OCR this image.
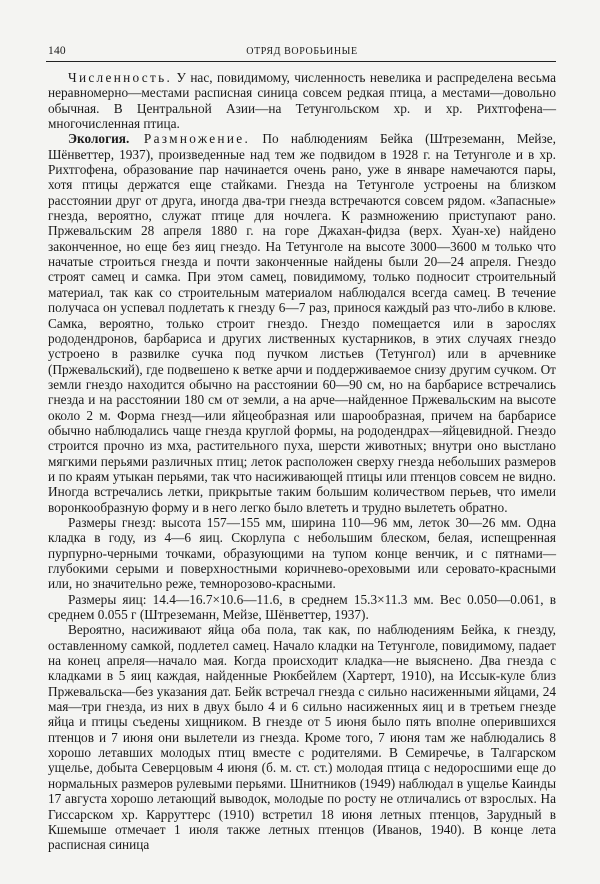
140	ОТРЯД ВОРОБЬИНЫЕ

Численность. У нас, повидимому, численность невелика и распределена весьма неравномерно—местами расписная синица совсем редкая птица, а местами—довольно обычная. В Центральной Азии—на Тетунгольском хр. и хр. Рихтгофена—многочисленная птица.

Экология. Размножение. По наблюдениям Бейка (Штреземанн, Мейзе, Шёнветтер, 1937), произведенные над тем же подвидом в 1928 г. на Тетунголе и в хр. Рихтгофена, образование пар начинается очень рано, уже в январе намечаются пары, хотя птицы держатся еще стайками. Гнезда на Тетунголе устроены на близком расстоянии друг от друга, иногда два-три гнезда встречаются совсем рядом. «Запасные» гнезда, вероятно, служат птице для ночлега. К размножению приступают рано. Пржевальским 28 апреля 1880 г. на горе Джахан-фидза (верх. Хуан-хе) найдено законченное, но еще без яиц гнездо. На Тетунголе на высоте 3000—3600 м только что начатые строиться гнезда и почти законченные найдены были 20—24 апреля. Гнездо строят самец и самка. При этом самец, повидимому, только подносит строительный материал, так как со строительным материалом наблюдался всегда самец. В течение получаса он успевал подлетать к гнезду 6—7 раз, принося каждый раз что-либо в клюве. Самка, вероятно, только строит гнездо. Гнездо помещается или в зарослях рододендронов, барбариса и других лиственных кустарников, в этих случаях гнездо устроено в развилке сучка под пучком листьев (Тетунгол) или в арчевнике (Пржевальский), где подвешено к ветке арчи и поддерживаемое снизу другим сучком. От земли гнездо находится обычно на расстоянии 60—90 см, но на барбарисе встречались гнезда и на расстоянии 180 см от земли, а на арче—найденное Пржевальским на высоте около 2 м. Форма гнезд—или яйцеобразная или шарообразная, причем на барбарисе обычно наблюдались чаще гнезда круглой формы, на рододендрах—яйцевидной. Гнездо строится прочно из мха, растительного пуха, шерсти животных; внутри оно выстлано мягкими перьями различных птиц; леток расположен сверху гнезда небольших размеров и по краям утыкан перьями, так что насиживающей птицы или птенцов совсем не видно. Иногда встречались летки, прикрытые таким большим количеством перьев, что имели воронкообразную форму и в него легко было влететь и трудно вылететь обратно.

Размеры гнезд: высота 157—155 мм, ширина 110—96 мм, леток 30—26 мм. Одна кладка в году, из 4—6 яиц. Скорлупа с небольшим блеском, белая, испещренная пурпурно-черными точками, образующими на тупом конце венчик, и с пятнами—глубокими серыми и поверхностными коричнево-ореховыми или серовато-красными или, но значительно реже, темнорозово-красными.

Размеры яиц: 14.4—16.7×10.6—11.6, в среднем 15.3×11.3 мм. Вес 0.050—0.061, в среднем 0.055 г (Штреземанн, Мейзе, Шёнветтер, 1937).

Вероятно, насиживают яйца оба пола, так как, по наблюдениям Бейка, к гнезду, оставленному самкой, подлетел самец. Начало кладки на Тетунголе, повидимому, падает на конец апреля—начало мая. Когда происходит кладка—не выяснено. Два гнезда с кладками в 5 яиц каждая, найденные Рюкбейлем (Хартерт, 1910), на Иссык-куле близ Пржевальска—без указания дат. Бейк встречал гнезда с сильно насиженными яйцами, 24 мая—три гнезда, из них в двух было 4 и 6 сильно насиженных яиц и в третьем гнезде яйца и птицы съедены хищником. В гнезде от 5 июня было пять вполне оперившихся птенцов и 7 июня они вылетели из гнезда. Кроме того, 7 июня там же наблюдались 8 хорошо летавших молодых птиц вместе с родителями. В Семиречье, в Талгарском ущелье, добыта Северцовым 4 июня (б. м. ст. ст.) молодая птица с недоросшими еще до нормальных размеров рулевыми перьями. Шнитников (1949) наблюдал в ущелье Каинды 17 августа хорошо летающий выводок, молодые по росту не отличались от взрослых. На Гиссарском хр. Карруттерс (1910) встретил 18 июня летных птенцов, Зарудный в Кшемыше отмечает 1 июля также летных птенцов (Иванов, 1940). В конце лета расписная синица
